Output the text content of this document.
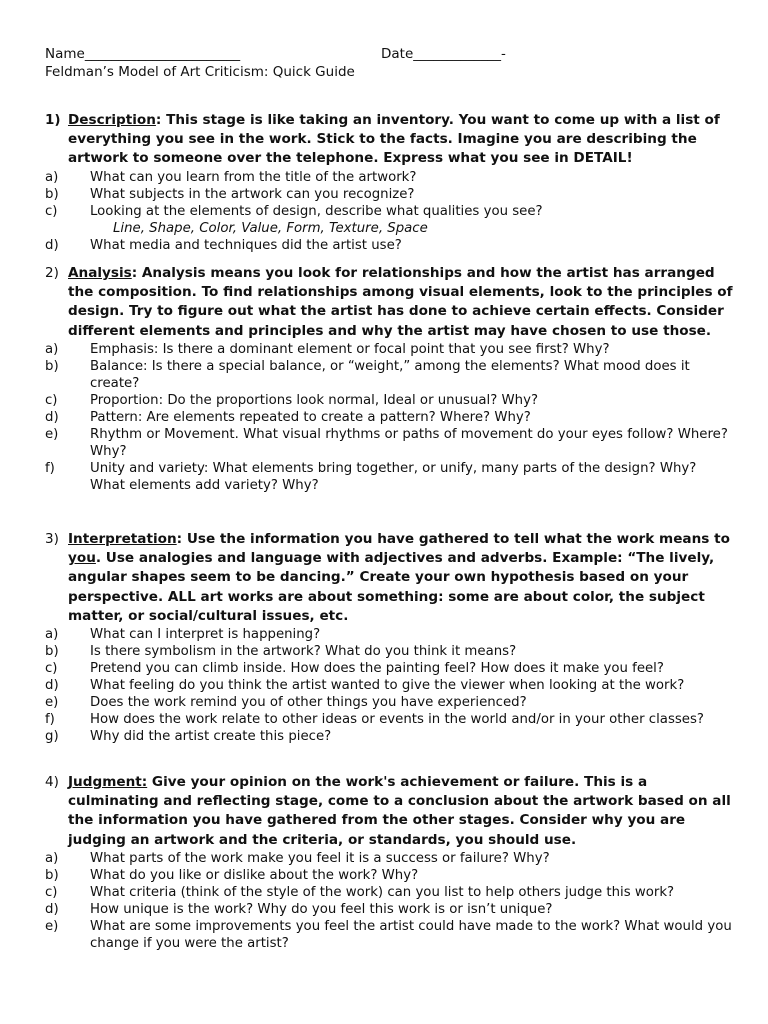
Name_______________________	Date_____________-
Feldman’s Model of Art Criticism: Quick Guide
1) Description: This stage is like taking an inventory. You want to come up with a list of everything you see in the work. Stick to the facts. Imagine you are describing the artwork to someone over the telephone. Express what you see in DETAIL!
a)	What can you learn from the title of the artwork?
b)	What subjects in the artwork can you recognize?
c)	Looking at the elements of design, describe what qualities you see?
Line, Shape, Color, Value, Form, Texture, Space
d)	What media and techniques did the artist use?
2) Analysis: Analysis means you look for relationships and how the artist has arranged the composition. To find relationships among visual elements, look to the principles of design. Try to figure out what the artist has done to achieve certain effects. Consider different elements and principles and why the artist may have chosen to use those.
a)	Emphasis: Is there a dominant element or focal point that you see first? Why?
b)	Balance: Is there a special balance, or “weight,” among the elements? What mood does it create?
c)	Proportion: Do the proportions look normal, Ideal or unusual? Why?
d)	Pattern: Are elements repeated to create a pattern? Where? Why?
e)	Rhythm or Movement. What visual rhythms or paths of movement do your eyes follow? Where? Why?
f)	Unity and variety: What elements bring together, or unify, many parts of the design? Why? What elements add variety? Why?
3) Interpretation: Use the information you have gathered to tell what the work means to you. Use analogies and language with adjectives and adverbs. Example: “The lively, angular shapes seem to be dancing.” Create your own hypothesis based on your perspective. ALL art works are about something: some are about color, the subject matter, or social/cultural issues, etc.
a)	What can I interpret is happening?
b)	Is there symbolism in the artwork? What do you think it means?
c)	Pretend you can climb inside. How does the painting feel? How does it make you feel?
d)	What feeling do you think the artist wanted to give the viewer when looking at the work?
e)	Does the work remind you of other things you have experienced?
f)	How does the work relate to other ideas or events in the world and/or in your other classes?
g)	Why did the artist create this piece?
4) Judgment: Give your opinion on the work's achievement or failure. This is a culminating and reflecting stage, come to a conclusion about the artwork based on all the information you have gathered from the other stages. Consider why you are judging an artwork and the criteria, or standards, you should use.
a)	What parts of the work make you feel it is a success or failure? Why?
b)	What do you like or dislike about the work? Why?
c)	What criteria (think of the style of the work) can you list to help others judge this work?
d)	How unique is the work? Why do you feel this work is or isn’t unique?
e)	What are some improvements you feel the artist could have made to the work? What would you change if you were the artist?
